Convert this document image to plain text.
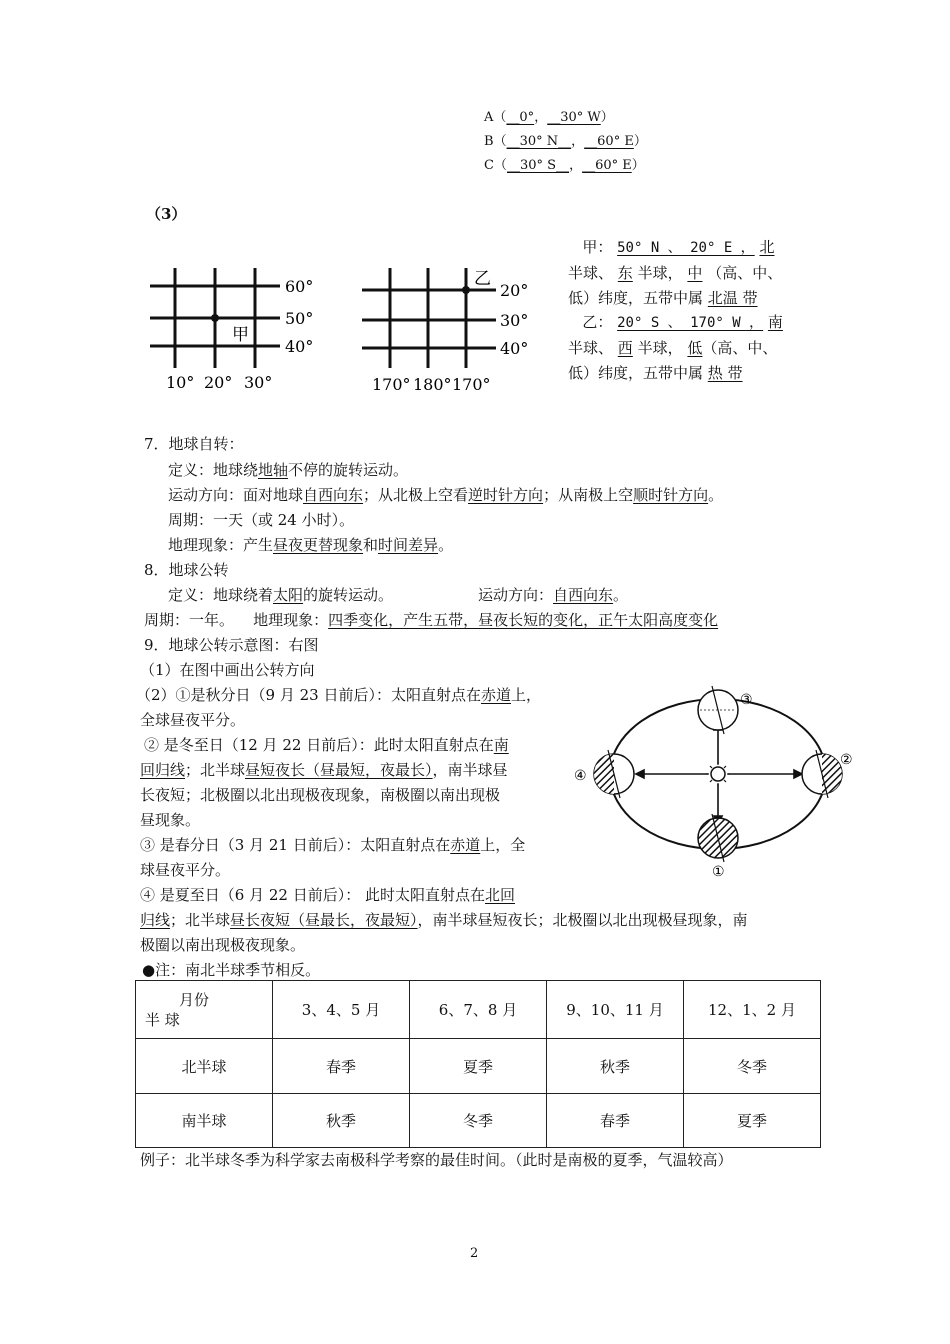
A（__0°，__30° W）
B（__30° N__，__60° E）
C（__30° S__，__60° E）
（3）
甲
60°
50°
40°
10° 20° 30°
乙
20°
30°
40°
170° 180° 170°
甲： 50° N 、 20° E ， 北
半球、 东 半球， 中 （高、中、
低）纬度，五带中属 北温 带
乙： 20° S 、 170° W ， 南
半球、 西 半球， 低（高、中、
低）纬度，五带中属 热 带
7．地球自转：
定义：地球绕地轴不停的旋转运动。
运动方向：面对地球自西向东；从北极上空看逆时针方向；从南极上空顺时针方向。
周期：一天（或 24 小时）。
地理现象：产生昼夜更替现象和时间差异。
8．地球公转
定义：地球绕着太阳的旋转运动。	运动方向：自西向东。
周期：一年。 地理现象：四季变化，产生五带，昼夜长短的变化，正午太阳高度变化
9．地球公转示意图：右图
（1）在图中画出公转方向
（2）①是秋分日（9 月 23 日前后）：太阳直射点在赤道上，
全球昼夜平分。
② 是冬至日（12 月 22 日前后）：此时太阳直射点在南
回归线；北半球昼短夜长（昼最短，夜最长），南半球昼
长夜短；北极圈以北出现极夜现象，南极圈以南出现极
昼现象。
③ 是春分日（3 月 21 日前后）：太阳直射点在赤道上，全
球昼夜平分。
④ 是夏至日（6 月 22 日前后）： 此时太阳直射点在北回
归线；北半球昼长夜短（昼最长，夜最短），南半球昼短夜长；北极圈以北出现极昼现象，南
极圈以南出现极夜现象。
●注：南北半球季节相反。
①
②
③
④
月份
半 球	3、4、5 月	6、7、8 月	9、10、11 月	12、1、2 月
北半球	春季	夏季	秋季	冬季
南半球	秋季	冬季	春季	夏季
例子：北半球冬季为科学家去南极科学考察的最佳时间。（此时是南极的夏季，气温较高）
2
